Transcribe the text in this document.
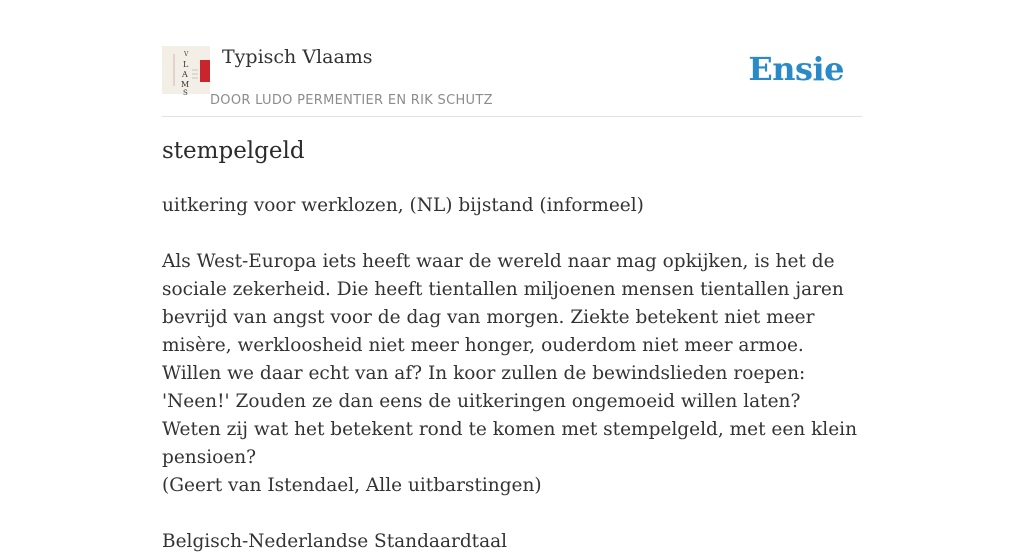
V
L
A
M
S
Typisch Vlaams
DOOR LUDO PERMENTIER EN RIK SCHUTZ
Ensie
stempelgeld

uitkering voor werklozen, (NL) bijstand (informeel)

Als West-Europa iets heeft waar de wereld naar mag opkijken, is het de sociale zekerheid. Die heeft tientallen miljoenen mensen tientallen jaren bevrijd van angst voor de dag van morgen. Ziekte betekent niet meer misère, werkloosheid niet meer honger, ouderdom niet meer armoe. Willen we daar echt van af? In koor zullen de bewindslieden roepen: 'Neen!' Zouden ze dan eens de uitkeringen ongemoeid willen laten? Weten zij wat het betekent rond te komen met stempelgeld, met een klein pensioen?

(Geert van Istendael, Alle uitbarstingen)

Belgisch-Nederlandse Standaardtaal
